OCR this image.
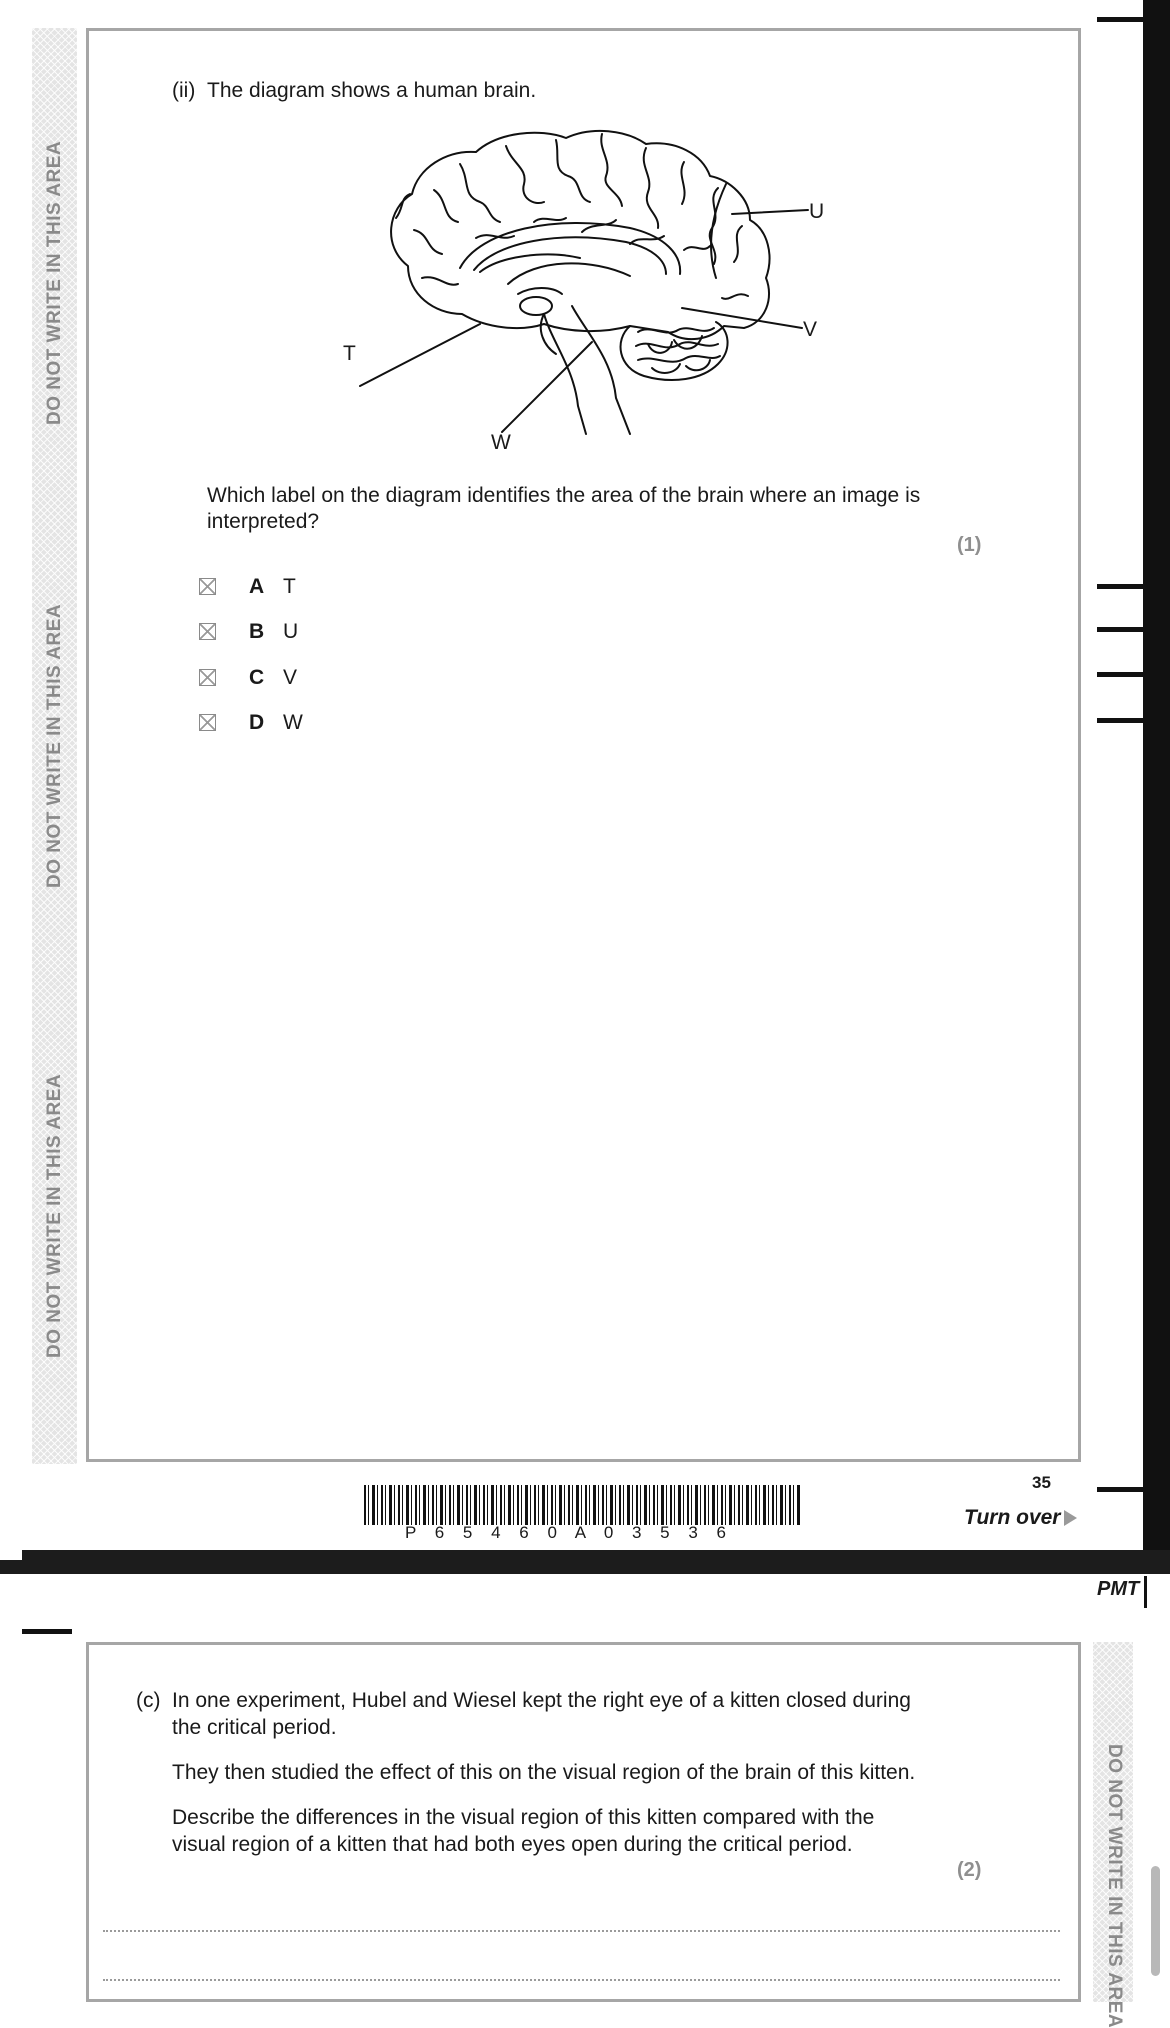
DO NOT WRITE IN THIS AREA
DO NOT WRITE IN THIS AREA
DO NOT WRITE IN THIS AREA
(ii) The diagram shows a human brain.
T
U
V
W
Which label on the diagram identifies the area of the brain where an image is
interpreted?
(1)
A T
B U
C V
D W
P 6 5 4 6 0 A 0 3 5 3 6
35
Turn over
PMT
DO NOT WRITE IN THIS AREA
(c) In one experiment, Hubel and Wiesel kept the right eye of a kitten closed during
the critical period.
They then studied the effect of this on the visual region of the brain of this kitten.
Describe the differences in the visual region of this kitten compared with the
visual region of a kitten that had both eyes open during the critical period.
(2)
